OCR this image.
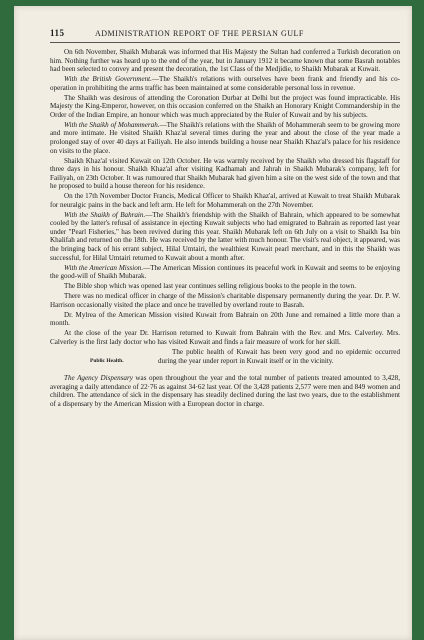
115	ADMINISTRATION REPORT OF THE PERSIAN GULF

On 6th November, Shaikh Mubarak was informed that His Majesty the Sultan had conferred a Turkish decoration on him. Nothing further was heard up to the end of the year, but in January 1912 it became known that some Basrah notables had been selected to convey and present the decoration, the 1st Class of the Medjidie, to Shaikh Mubarak at Kuwait.

With the British Government.—The Shaikh's relations with ourselves have been frank and friendly and his co-operation in prohibiting the arms traffic has been maintained at some considerable personal loss in revenue.

The Shaikh was desirous of attending the Coronation Durbar at Delhi but the project was found impracticable. His Majesty the King-Emperor, however, on this occasion conferred on the Shaikh an Honorary Knight Commandership in the Order of the Indian Empire, an honour which was much appreciated by the Ruler of Kuwait and by his subjects.

With the Shaikh of Mohammerah.—The Shaikh's relations with the Shaikh of Mohammerah seem to be growing more and more intimate. He visited Shaikh Khaz'al several times during the year and about the close of the year made a prolonged stay of over 40 days at Failiyah. He also intends building a house near Shaikh Khaz'al's palace for his residence on visits to the place.

Shaikh Khaz'al visited Kuwait on 12th October. He was warmly received by the Shaikh who dressed his flagstaff for three days in his honour. Shaikh Khaz'al after visiting Kadhamah and Jahrah in Shaikh Mubarak's company, left for Failiyah, on 23th October. It was rumoured that Shaikh Mubarak had given him a site on the west side of the town and that he proposed to build a house thereon for his residence.

On the 17th November Doctor Francis, Medical Officer to Shaikh Khaz'al, arrived at Kuwait to treat Shaikh Mubarak for neuralgic pains in the back and left arm. He left for Mohammerah on the 27th November.

With the Shaikh of Bahrain.—The Shaikh's friendship with the Shaikh of Bahrain, which appeared to be somewhat cooled by the latter's refusal of assistance in ejecting Kuwait subjects who had emigrated to Bahrain as reported last year under "Pearl Fisheries," has been revived during this year. Shaikh Mubarak left on 6th July on a visit to Shaikh Isa bin Khalifah and returned on the 18th. He was received by the latter with much honour. The visit's real object, it appeared, was the bringing back of his errant subject, Hilal Umtairi, the wealthiest Kuwait pearl merchant, and in this the Shaikh was successful, for Hilal Umtairi returned to Kuwait about a month after.

With the American Mission.—The American Mission continues its peaceful work in Kuwait and seems to be enjoying the good-will of Shaikh Mubarak.

The Bible shop which was opened last year continues selling religious books to the people in the town.

There was no medical officer in charge of the Mission's charitable dispensary permanently during the year. Dr. P. W. Harrison occasionally visited the place and once he travelled by overland route to Basrah.

Dr. Mylrea of the American Mission visited Kuwait from Bahrain on 20th June and remained a little more than a month.

At the close of the year Dr. Harrison returned to Kuwait from Bahrain with the Rev. and Mrs. Calverley. Mrs. Calverley is the first lady doctor who has visited Kuwait and finds a fair measure of work for her skill.

Public Health.

The public health of Kuwait has been very good and no epidemic occurred during the year under report in Kuwait itself or in the vicinity.

The Agency Dispensary was open throughout the year and the total number of patients treated amounted to 3,428, averaging a daily attendance of 22·76 as against 34·62 last year. Of the 3,428 patients 2,577 were men and 849 women and children. The attendance of sick in the dispensary has steadily declined during the last two years, due to the establishment of a dispensary by the American Mission with a European doctor in charge.
